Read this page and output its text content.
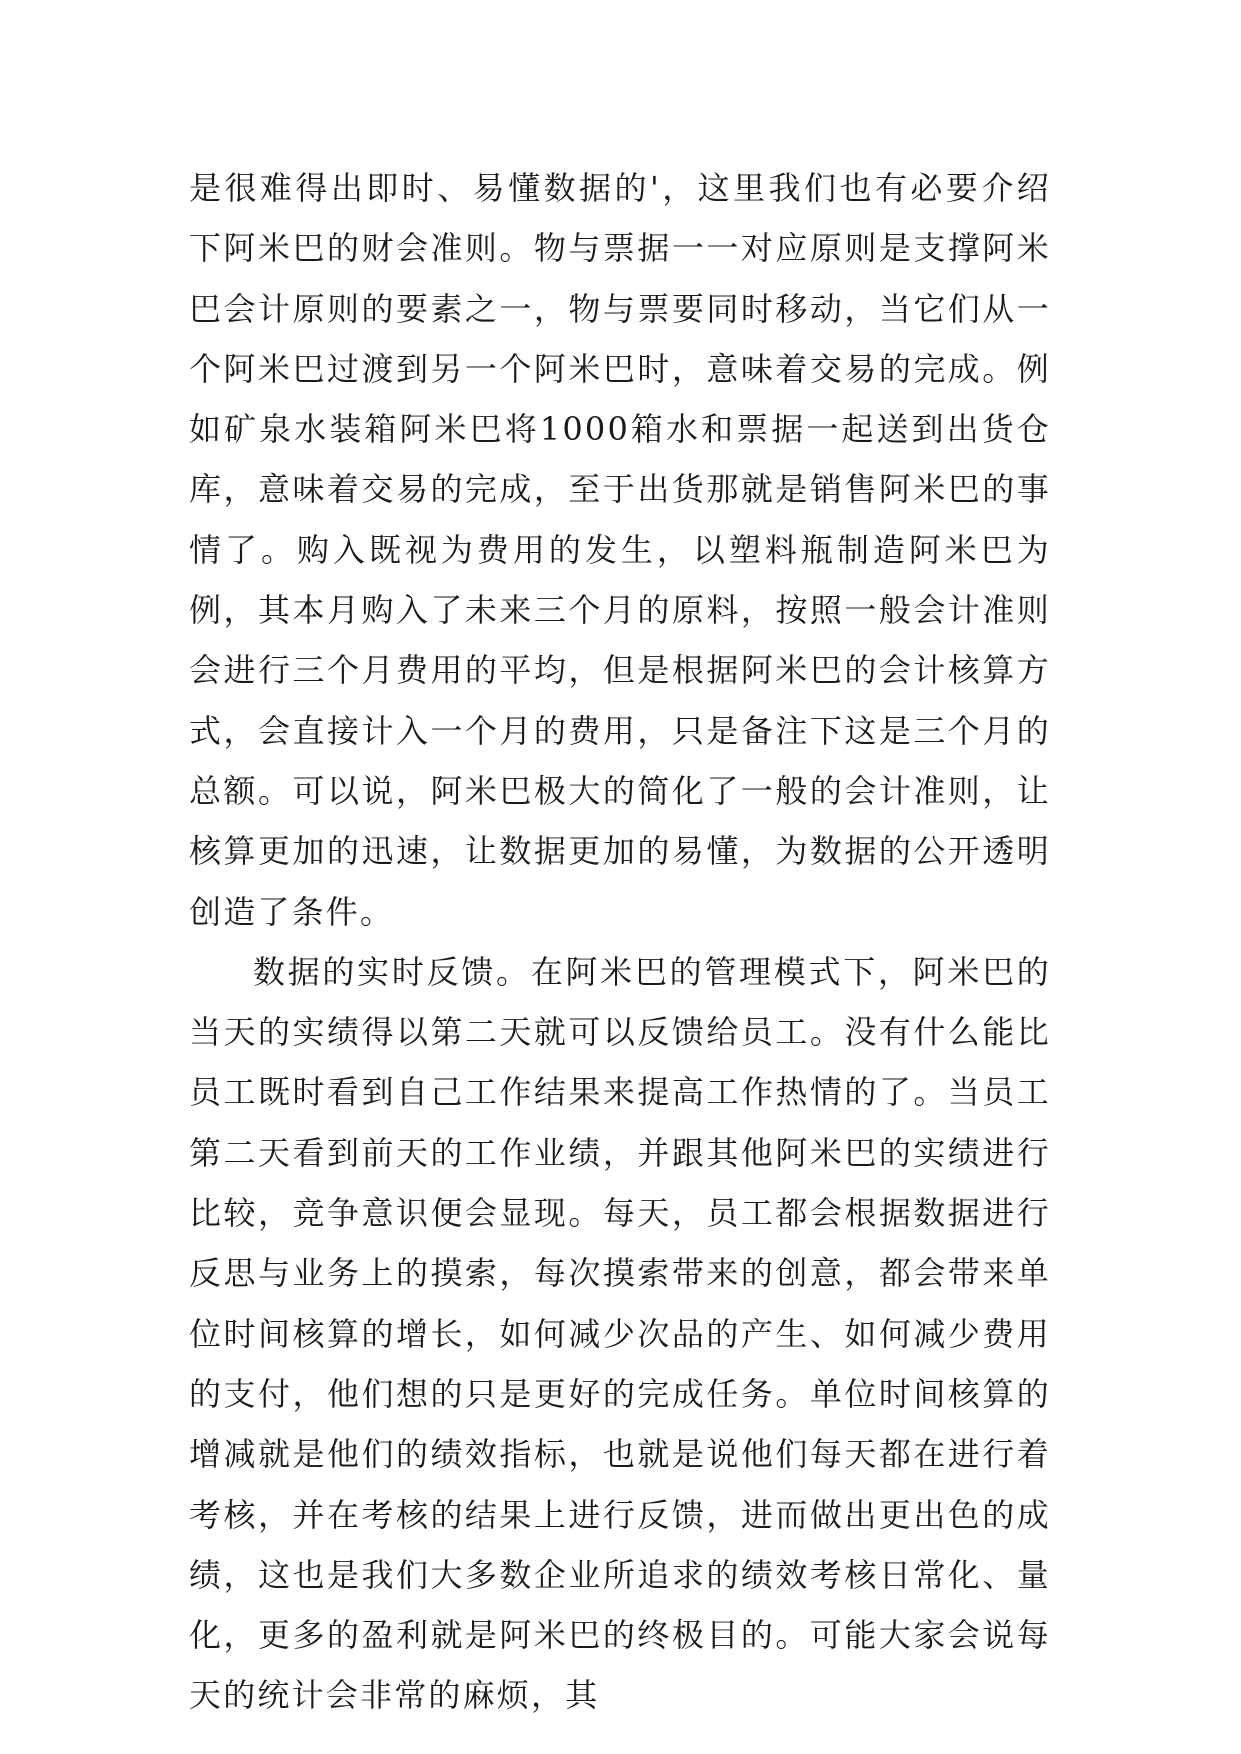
是很难得出即时、易懂数据的'，这里我们也有必要介绍下阿米巴的财会准则。物与票据一一对应原则是支撑阿米巴会计原则的要素之一，物与票要同时移动，当它们从一个阿米巴过渡到另一个阿米巴时，意味着交易的完成。例如矿泉水装箱阿米巴将1000箱水和票据一起送到出货仓库，意味着交易的完成，至于出货那就是销售阿米巴的事情了。购入既视为费用的发生，以塑料瓶制造阿米巴为例，其本月购入了未来三个月的原料，按照一般会计准则会进行三个月费用的平均，但是根据阿米巴的会计核算方式，会直接计入一个月的费用，只是备注下这是三个月的总额。可以说，阿米巴极大的简化了一般的会计准则，让核算更加的迅速，让数据更加的易懂，为数据的公开透明创造了条件。

数据的实时反馈。在阿米巴的管理模式下，阿米巴的当天的实绩得以第二天就可以反馈给员工。没有什么能比员工既时看到自己工作结果来提高工作热情的了。当员工第二天看到前天的工作业绩，并跟其他阿米巴的实绩进行比较，竞争意识便会显现。每天，员工都会根据数据进行反思与业务上的摸索，每次摸索带来的创意，都会带来单位时间核算的增长，如何减少次品的产生、如何减少费用的支付，他们想的只是更好的完成任务。单位时间核算的增减就是他们的绩效指标，也就是说他们每天都在进行着考核，并在考核的结果上进行反馈，进而做出更出色的成绩，这也是我们大多数企业所追求的绩效考核日常化、量化，更多的盈利就是阿米巴的终极目的。可能大家会说每天的统计会非常的麻烦，其
